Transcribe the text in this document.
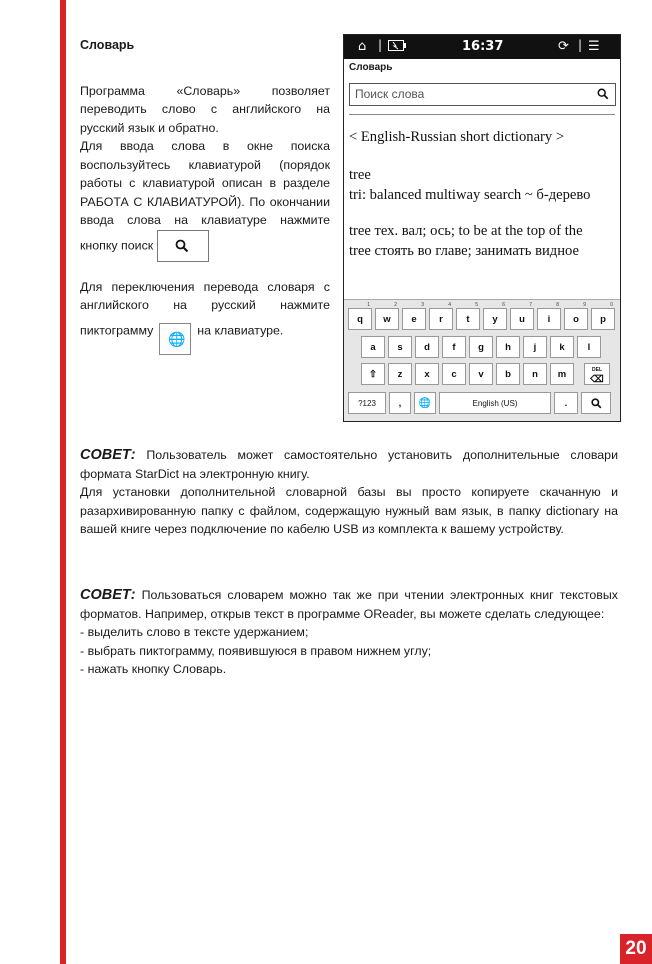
Словарь

Программа «Словарь» позволяет переводить слово с английского на русский язык и обратно.

Для ввода слова в окне поиска воспользуйтесь клавиатурой (порядок работы с клавиатурой описан в разделе РАБОТА С КЛАВИАТУРОЙ). По окончании ввода слова на клавиатуре нажмите кнопку поиск

Для переключения перевода словаря с английского на русский нажмите пиктограмму
🌐
на клавиатуре.

⌂ |	16:37	⟳ | ☰
Словарь
Поиск слова
< English-Russian short dictionary >
tree
tri: balanced multiway search ~ б-дерево
tree тех. вал; ось; to be at the top of the
tree стоять во главе; занимать видное
1
q
2
w
3
e
4
r
5
t
6
y
7
u
8
i
9
o
0
p
a	s	d	f	g	h	j	k	l
⇧	DEL
⌫
z	x	c	v	b	n	m
?123	,	🌐	English (US)	.

СОВЕТ: Пользователь может самостоятельно установить дополнительные словари формата StarDict на электронную книгу.

Для установки дополнительной словарной базы вы просто копируете скачанную и разархивированную папку с файлом, содержащую нужный вам язык, в папку dictionary на вашей книге через подключение по кабелю USB из комплекта к вашему устройству.

СОВЕТ: Пользоваться словарем можно так же при чтении электронных книг текстовых форматов. Например, открыв текст в программе OReader, вы можете сделать следующее:

- выделить слово в тексте удержанием;

- выбрать пиктограмму, появившуюся в правом нижнем углу;

- нажать кнопку Словарь.

20
